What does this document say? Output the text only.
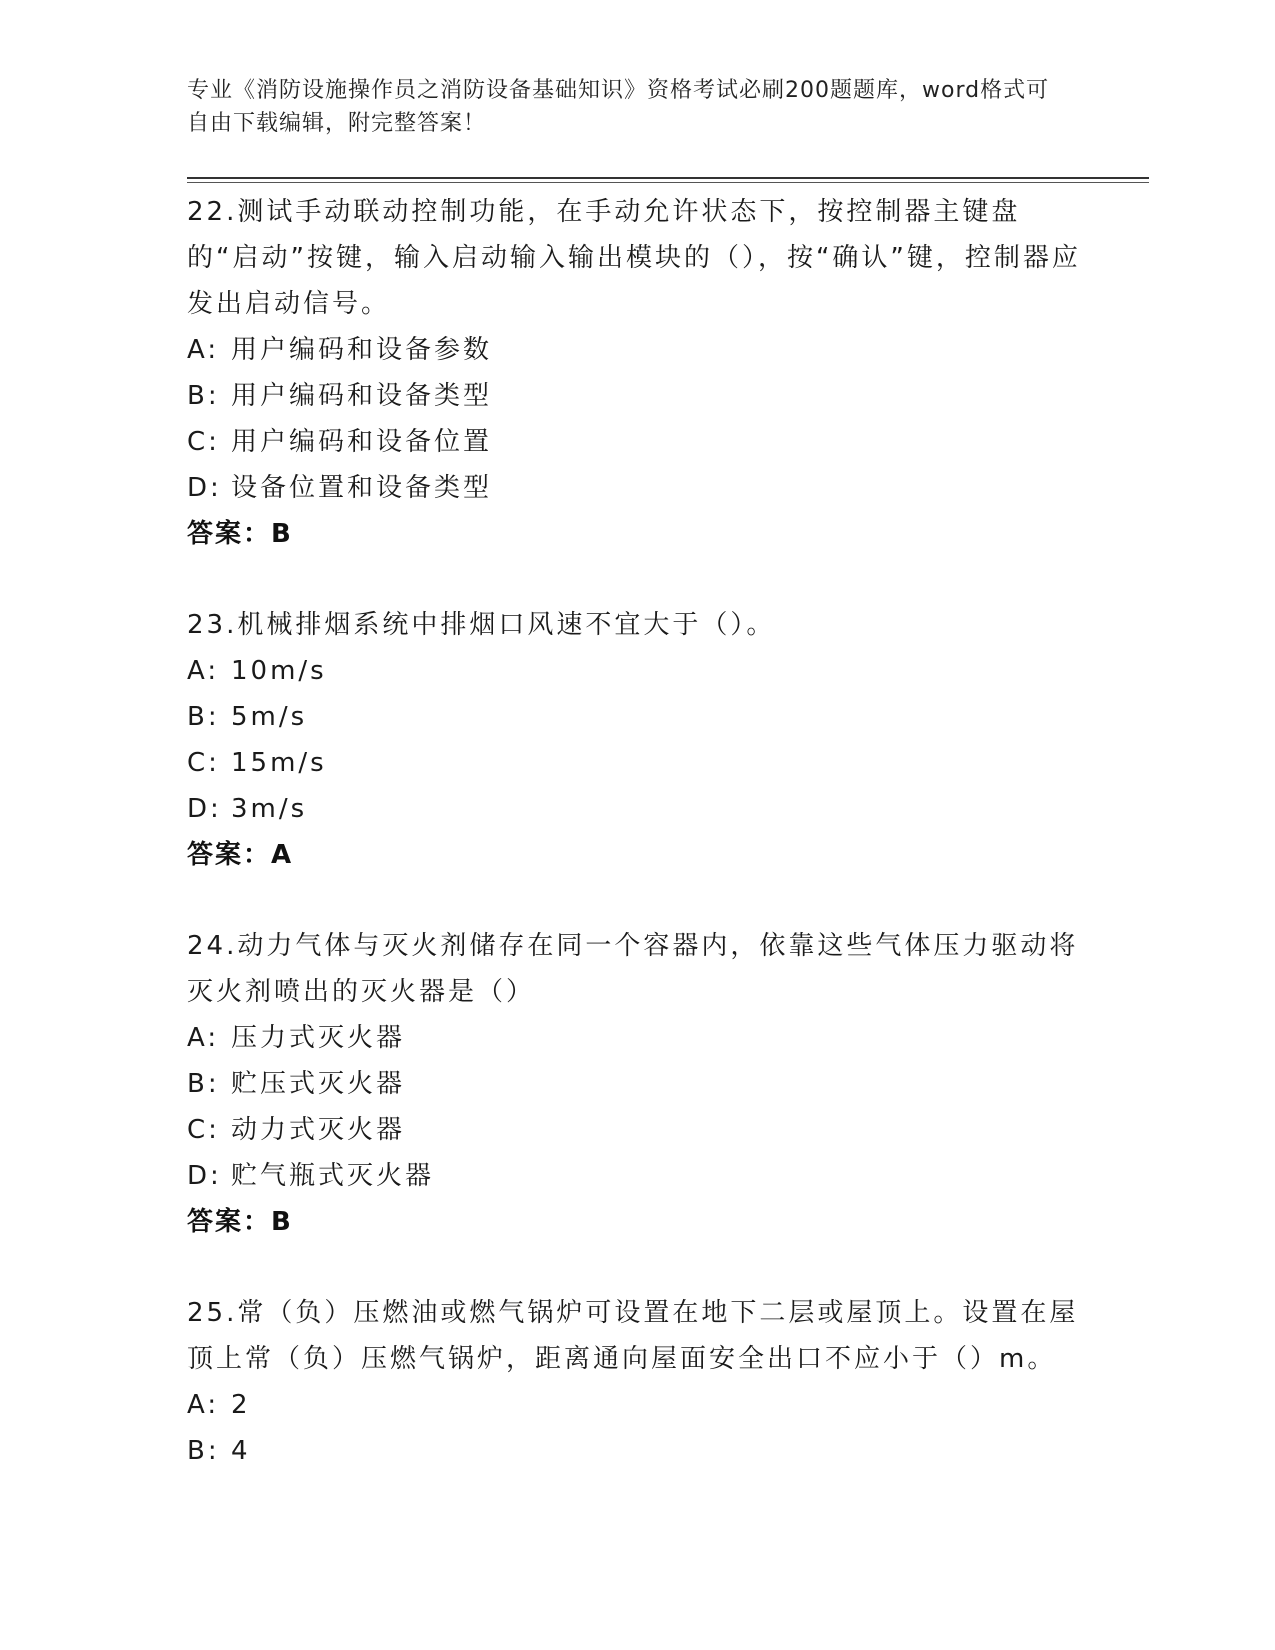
专业《消防设施操作员之消防设备基础知识》资格考试必刷200题题库，word格式可自由下载编辑，附完整答案！
22.测试手动联动控制功能，在手动允许状态下，按控制器主键盘的“启动”按键，输入启动输入输出模块的（），按“确认”键，控制器应发出启动信号。
A: 用户编码和设备参数
B: 用户编码和设备类型
C: 用户编码和设备位置
D: 设备位置和设备类型
答案：B
23.机械排烟系统中排烟口风速不宜大于（）。
A: 10m/s
B: 5m/s
C: 15m/s
D: 3m/s
答案：A
24.动力气体与灭火剂储存在同一个容器内，依靠这些气体压力驱动将灭火剂喷出的灭火器是（）
A: 压力式灭火器
B: 贮压式灭火器
C: 动力式灭火器
D: 贮气瓶式灭火器
答案：B
25.常（负）压燃油或燃气锅炉可设置在地下二层或屋顶上。设置在屋顶上常（负）压燃气锅炉，距离通向屋面安全出口不应小于（）m。
A: 2
B: 4
